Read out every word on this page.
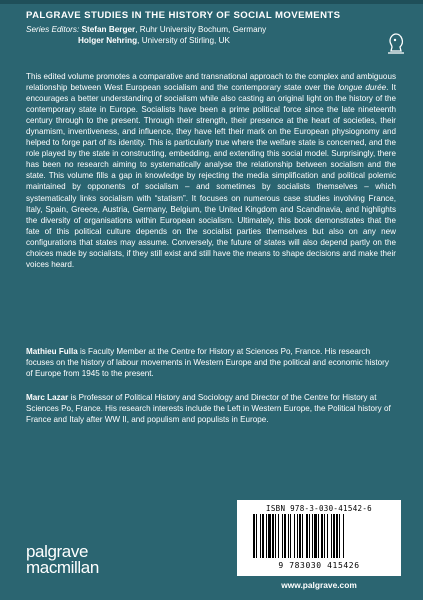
PALGRAVE STUDIES IN THE HISTORY OF SOCIAL MOVEMENTS
Series Editors: Stefan Berger, Ruhr University Bochum, Germany
Holger Nehring, University of Stirling, UK

This edited volume promotes a comparative and transnational approach to the complex and ambiguous relationship between West European socialism and the contemporary state over the longue durée. It encourages a better understanding of socialism while also casting an original light on the history of the contemporary state in Europe. Socialists have been a prime political force since the late nineteenth century through to the present. Through their strength, their presence at the heart of societies, their dynamism, inventiveness, and influence, they have left their mark on the European physiognomy and helped to forge part of its identity. This is particularly true where the welfare state is concerned, and the role played by the state in constructing, embedding, and extending this social model. Surprisingly, there has been no research aiming to systematically analyse the relationship between socialism and the state. This volume fills a gap in knowledge by rejecting the media simplification and political polemic maintained by opponents of socialism – and sometimes by socialists themselves – which systematically links socialism with “statism”. It focuses on numerous case studies involving France, Italy, Spain, Greece, Austria, Germany, Belgium, the United Kingdom and Scandinavia, and highlights the diversity of organisations within European socialism. Ultimately, this book demonstrates that the fate of this political culture depends on the socialist parties themselves but also on any new configurations that states may assume. Conversely, the future of states will also depend partly on the choices made by socialists, if they still exist and still have the means to shape decisions and make their voices heard.

Mathieu Fulla is Faculty Member at the Centre for History at Sciences Po, France. His research focuses on the history of labour movements in Western Europe and the political and economic history of Europe from 1945 to the present.
Marc Lazar is Professor of Political History and Sociology and Director of the Centre for History at Sciences Po, France. His research interests include the Left in Western Europe, the Political history of France and Italy after WW II, and populism and populists in Europe.
palgrave
macmillan
ISBN 978-3-030-41542-6
9 783030 415426
www.palgrave.com
